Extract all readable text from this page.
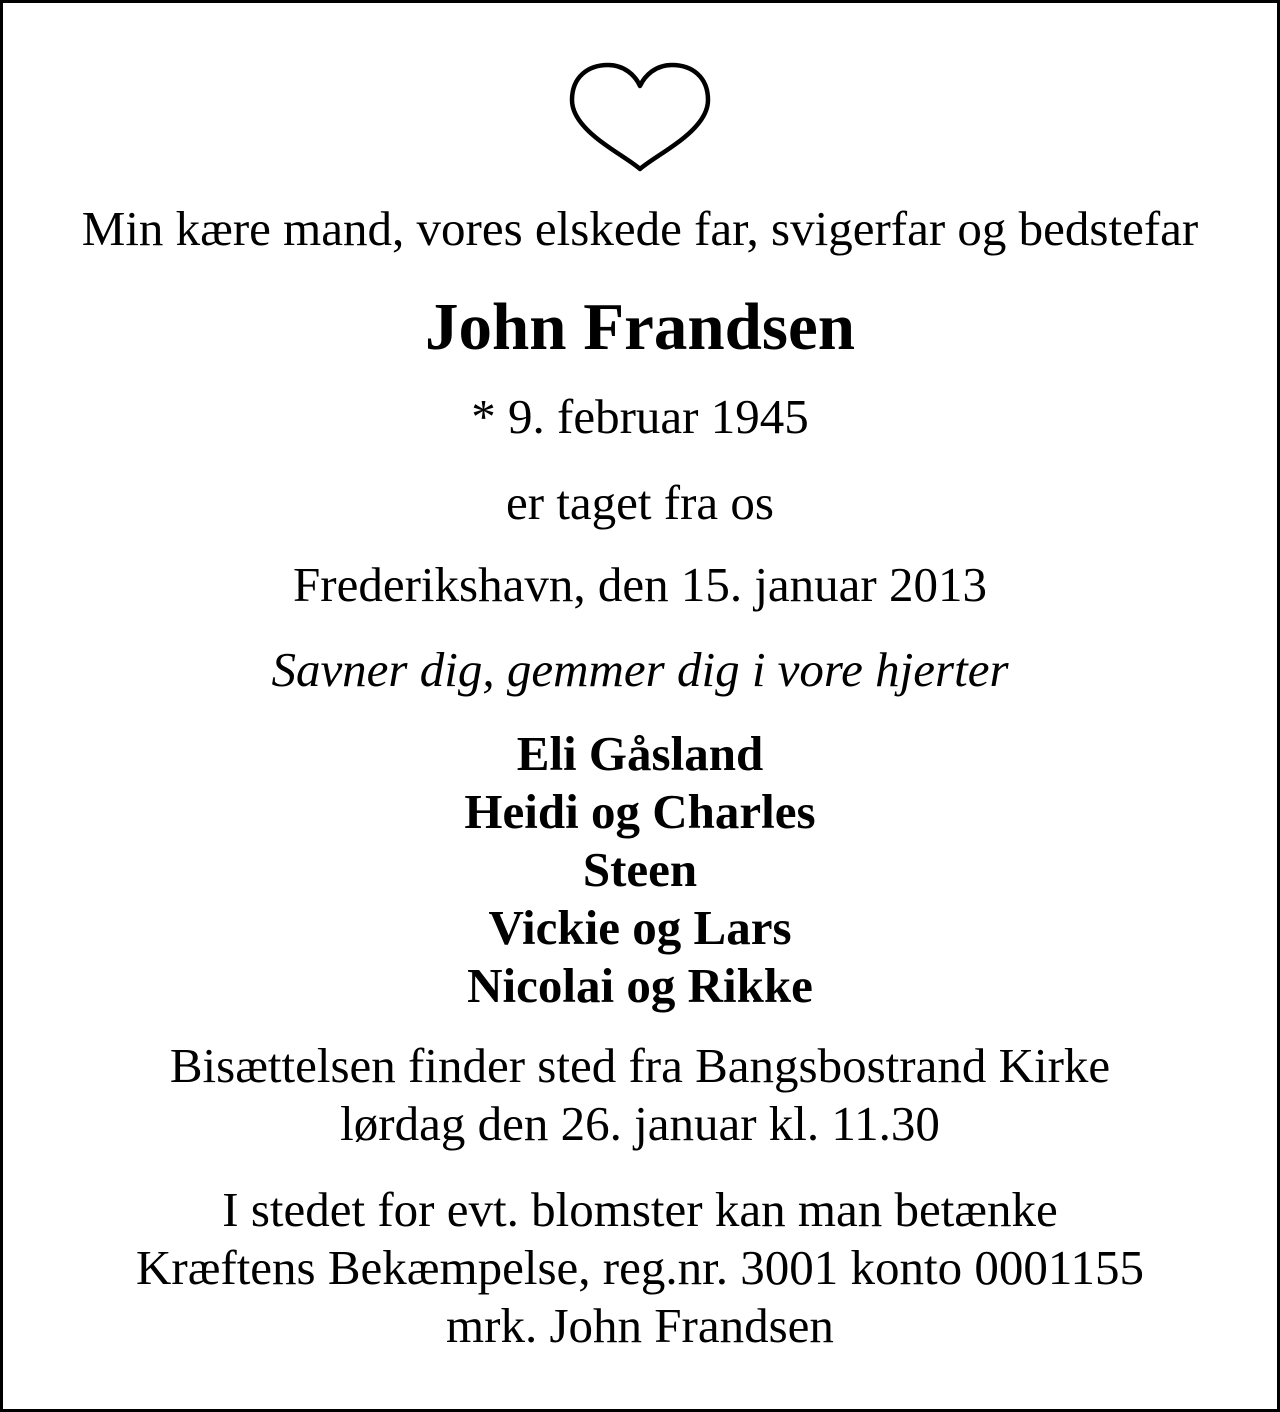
Min kære mand, vores elskede far, svigerfar og bedstefar
John Frandsen
* 9. februar 1945
er taget fra os
Frederikshavn, den 15. januar 2013
Savner dig, gemmer dig i vore hjerter
Eli Gåsland
Heidi og Charles
Steen
Vickie og Lars
Nicolai og Rikke
Bisættelsen finder sted fra Bangsbostrand Kirke
lørdag den 26. januar kl. 11.30
I stedet for evt. blomster kan man betænke
Kræftens Bekæmpelse, reg.nr. 3001 konto 0001155
mrk. John Frandsen
